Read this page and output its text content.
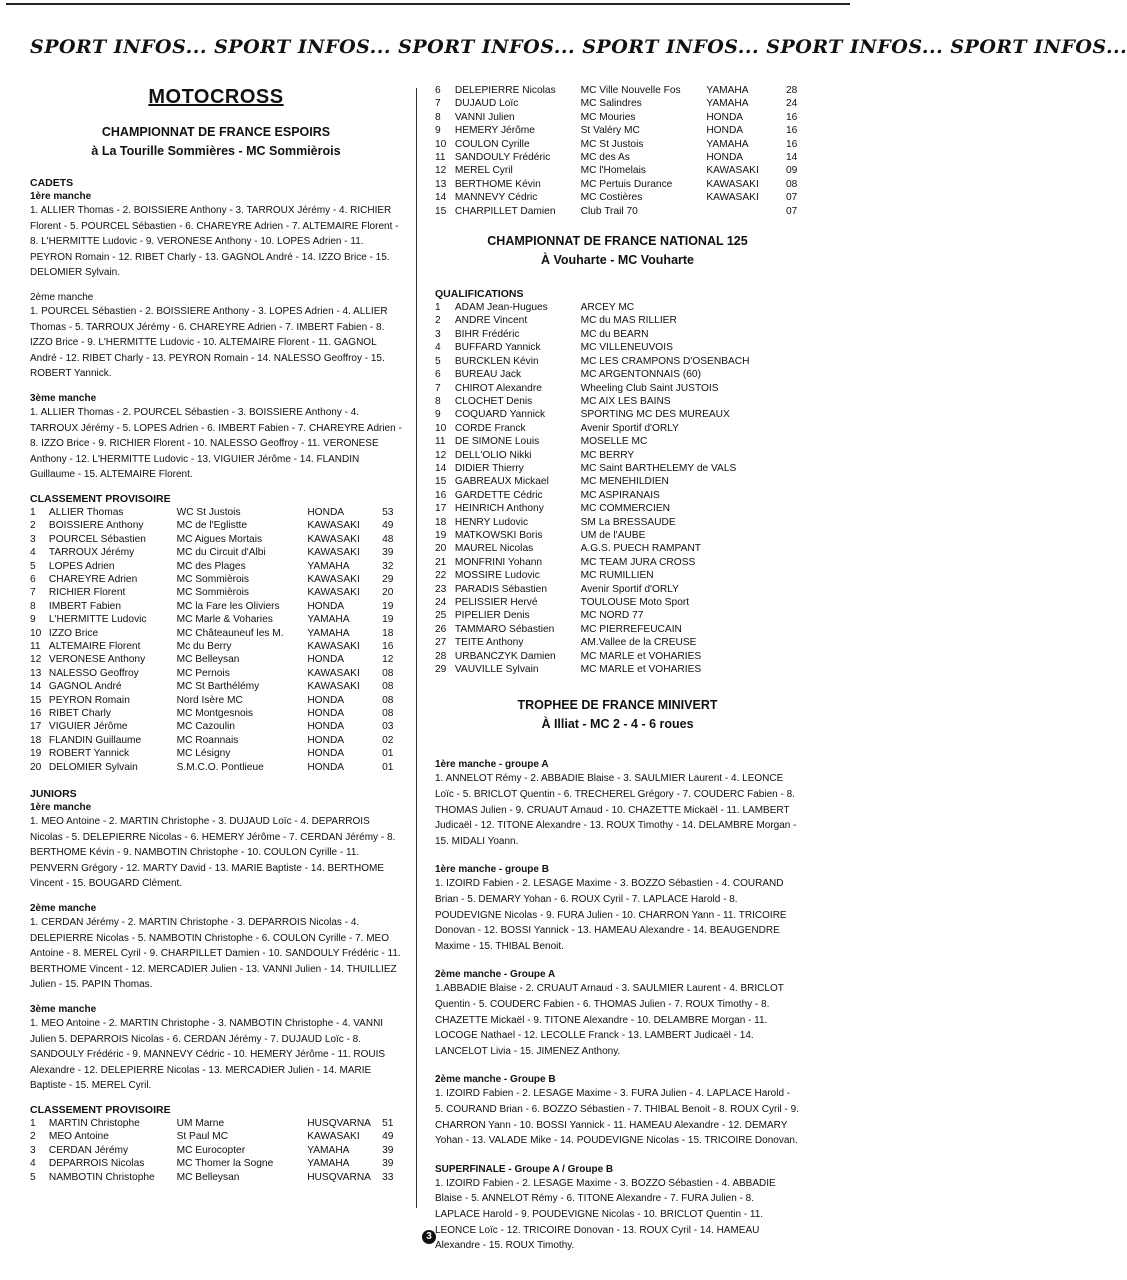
SPORT INFOS... SPORT INFOS... SPORT INFOS... SPORT INFOS... SPORT INFOS... SPORT INFOS...
MOTOCROSS
CHAMPIONNAT DE FRANCE ESPOIRS
à La Tourille Sommières - MC Sommièrois
CADETS
1ère manche
1. ALLIER Thomas - 2. BOISSIERE Anthony - 3. TARROUX Jérémy - 4. RICHIER Florent - 5. POURCEL Sébastien - 6. CHAREYRE Adrien - 7. ALTEMAIRE Florent - 8. L'HERMITTE Ludovic - 9. VERONESE Anthony - 10. LOPES Adrien - 11. PEYRON Romain - 12. RIBET Charly - 13. GAGNOL André - 14. IZZO Brice - 15. DELOMIER Sylvain.
2ème manche
1. POURCEL Sébastien - 2. BOISSIERE Anthony - 3. LOPES Adrien - 4. ALLIER Thomas - 5. TARROUX Jérémy - 6. CHAREYRE Adrien - 7. IMBERT Fabien - 8. IZZO Brice - 9. L'HERMITTE Ludovic - 10. ALTEMAIRE Florent - 11. GAGNOL André - 12. RIBET Charly - 13. PEYRON Romain - 14. NALESSO Geoffroy - 15. ROBERT Yannick.
3ème manche
1. ALLIER Thomas - 2. POURCEL Sébastien - 3. BOISSIERE Anthony - 4. TARROUX Jérémy - 5. LOPES Adrien - 6. IMBERT Fabien - 7. CHAREYRE Adrien - 8. IZZO Brice - 9. RICHIER Florent - 10. NALESSO Geoffroy - 11. VERONESE Anthony - 12. L'HERMITTE Ludovic - 13. VIGUIER Jérôme - 14. FLANDIN Guillaume - 15. ALTEMAIRE Florent.
CLASSEMENT PROVISOIRE
1	ALLIER Thomas	WC St Justois	HONDA	53
2	BOISSIERE Anthony	MC de l'Eglistte	KAWASAKI	49
3	POURCEL Sébastien	MC Aigues Mortais	KAWASAKI	48
4	TARROUX Jérémy	MC du Circuit d'Albi	KAWASAKI	39
5	LOPES Adrien	MC des Plages	YAMAHA	32
6	CHAREYRE Adrien	MC Sommièrois	KAWASAKI	29
7	RICHIER Florent	MC Sommièrois	KAWASAKI	20
8	IMBERT Fabien	MC la Fare les Oliviers	HONDA	19
9	L'HERMITTE Ludovic	MC Marle & Voharies	YAMAHA	19
10	IZZO Brice	MC Châteauneuf les M.	YAMAHA	18
11	ALTEMAIRE Florent	Mc du Berry	KAWASAKI	16
12	VERONESE Anthony	MC Belleysan	HONDA	12
13	NALESSO Geoffroy	MC Pernois	KAWASAKI	08
14	GAGNOL André	MC St Barthélémy	KAWASAKI	08
15	PEYRON Romain	Nord Isère MC	HONDA	08
16	RIBET Charly	MC Montgesnois	HONDA	08
17	VIGUIER Jérôme	MC Cazoulin	HONDA	03
18	FLANDIN Guillaume	MC Roannais	HONDA	02
19	ROBERT Yannick	MC Lésigny	HONDA	01
20	DELOMIER Sylvain	S.M.C.O. Pontlieue	HONDA	01
JUNIORS
1ère manche
1. MEO Antoine - 2. MARTIN Christophe - 3. DUJAUD Loïc - 4. DEPARROIS Nicolas - 5. DELEPIERRE Nicolas - 6. HEMERY Jérôme - 7. CERDAN Jérémy - 8. BERTHOME Kévin - 9. NAMBOTIN Christophe - 10. COULON Cyrille - 11. PENVERN Grégory - 12. MARTY David - 13. MARIE Baptiste - 14. BERTHOME Vincent - 15. BOUGARD Clément.
2ème manche
1. CERDAN Jérémy - 2. MARTIN Christophe - 3. DEPARROIS Nicolas - 4. DELEPIERRE Nicolas - 5. NAMBOTIN Christophe - 6. COULON Cyrille - 7. MEO Antoine - 8. MEREL Cyril - 9. CHARPILLET Damien - 10. SANDOULY Frédéric - 11. BERTHOME Vincent - 12. MERCADIER Julien - 13. VANNI Julien - 14. THUILLIEZ Julien - 15. PAPIN Thomas.
3ème manche
1. MEO Antoine - 2. MARTIN Christophe - 3. NAMBOTIN Christophe - 4. VANNI Julien 5. DEPARROIS Nicolas - 6. CERDAN Jérémy - 7. DUJAUD Loïc - 8. SANDOULY Frédéric - 9. MANNEVY Cédric - 10. HEMERY Jérôme - 11. ROUIS Alexandre - 12. DELEPIERRE Nicolas - 13. MERCADIER Julien - 14. MARIE Baptiste - 15. MEREL Cyril.
CLASSEMENT PROVISOIRE
1	MARTIN Christophe	UM Marne	HUSQVARNA	51
2	MEO Antoine	St Paul MC	KAWASAKI	49
3	CERDAN Jérémy	MC Eurocopter	YAMAHA	39
4	DEPARROIS Nicolas	MC Thomer la Sogne	YAMAHA	39
5	NAMBOTIN Christophe	MC Belleysan	HUSQVARNA	33
6	DELEPIERRE Nicolas	MC Ville Nouvelle Fos	YAMAHA	28
7	DUJAUD Loïc	MC Salindres	YAMAHA	24
8	VANNI Julien	MC Mouries	HONDA	16
9	HEMERY Jérôme	St Valéry MC	HONDA	16
10	COULON Cyrille	MC St Justois	YAMAHA	16
11	SANDOULY Frédéric	MC des As	HONDA	14
12	MEREL Cyril	MC l'Homelais	KAWASAKI	09
13	BERTHOME Kévin	MC Pertuis Durance	KAWASAKI	08
14	MANNEVY Cédric	MC Costières	KAWASAKI	07
15	CHARPILLET Damien	Club Trail 70		07
CHAMPIONNAT DE FRANCE NATIONAL 125
À Vouharte - MC Vouharte
QUALIFICATIONS
1	ADAM Jean-Hugues	ARCEY MC
2	ANDRE Vincent	MC du MAS RILLIER
3	BIHR Frédéric	MC du BEARN
4	BUFFARD Yannick	MC VILLENEUVOIS
5	BURCKLEN Kévin	MC LES CRAMPONS D'OSENBACH
6	BUREAU Jack	MC ARGENTONNAIS (60)
7	CHIROT Alexandre	Wheeling Club Saint JUSTOIS
8	CLOCHET Denis	MC AIX LES BAINS
9	COQUARD Yannick	SPORTING MC DES MUREAUX
10	CORDE Franck	Avenir Sportif d'ORLY
11	DE SIMONE Louis	MOSELLE MC
12	DELL'OLIO Nikki	MC BERRY
14	DIDIER Thierry	MC Saint BARTHELEMY de VALS
15	GABREAUX Mickael	MC MENEHILDIEN
16	GARDETTE Cédric	MC ASPIRANAIS
17	HEINRICH Anthony	MC COMMERCIEN
18	HENRY Ludovic	SM La BRESSAUDE
19	MATKOWSKI Boris	UM de l'AUBE
20	MAUREL Nicolas	A.G.S. PUECH RAMPANT
21	MONFRINI Yohann	MC TEAM JURA CROSS
22	MOSSIRE Ludovic	MC RUMILLIEN
23	PARADIS Sébastien	Avenir Sportif d'ORLY
24	PELISSIER Hervé	TOULOUSE Moto Sport
25	PIPELIER Denis	MC NORD 77
26	TAMMARO Sébastien	MC PIERREFEUCAIN
27	TEITE Anthony	AM.Vallee de la CREUSE
28	URBANCZYK Damien	MC MARLE et VOHARIES
29	VAUVILLE Sylvain	MC MARLE et VOHARIES
TROPHEE DE FRANCE MINIVERT
À Illiat - MC 2 - 4 - 6 roues
1ère manche - groupe A
1. ANNELOT Rémy - 2. ABBADIE Blaise - 3. SAULMIER Laurent - 4. LEONCE Loïc - 5. BRICLOT Quentin - 6. TRECHEREL Grégory - 7. COUDERC Fabien - 8. THOMAS Julien - 9. CRUAUT Arnaud - 10. CHAZETTE Mickaël - 11. LAMBERT Judicaël - 12. TITONE Alexandre - 13. ROUX Timothy - 14. DELAMBRE Morgan - 15. MIDALI Yoann.
1ère manche - groupe B
1. IZOIRD Fabien - 2. LESAGE Maxime - 3. BOZZO Sébastien - 4. COURAND Brian - 5. DEMARY Yohan - 6. ROUX Cyril - 7. LAPLACE Harold - 8. POUDEVIGNE Nicolas - 9. FURA Julien - 10. CHARRON Yann - 11. TRICOIRE Donovan - 12. BOSSI Yannick - 13. HAMEAU Alexandre - 14. BEAUGENDRE Maxime - 15. THIBAL Benoit.
2ème manche - Groupe A
1.ABBADIE Blaise - 2. CRUAUT Arnaud - 3. SAULMIER Laurent - 4. BRICLOT Quentin - 5. COUDERC Fabien - 6. THOMAS Julien - 7. ROUX Timothy - 8. CHAZETTE Mickaël - 9. TITONE Alexandre - 10. DELAMBRE Morgan - 11. LOCOGE Nathael - 12. LECOLLE Franck - 13. LAMBERT Judicaël - 14. LANCELOT Livia - 15. JIMENEZ Anthony.
2ème manche - Groupe B
1. IZOIRD Fabien - 2. LESAGE Maxime - 3. FURA Julien - 4. LAPLACE Harold - 5. COURAND Brian - 6. BOZZO Sébastien - 7. THIBAL Benoit - 8. ROUX Cyril - 9. CHARRON Yann - 10. BOSSI Yannick - 11. HAMEAU Alexandre - 12. DEMARY Yohan - 13. VALADE Mike - 14. POUDEVIGNE Nicolas - 15. TRICOIRE Donovan.
SUPERFINALE - Groupe A / Groupe B
1. IZOIRD Fabien - 2. LESAGE Maxime - 3. BOZZO Sébastien - 4. ABBADIE Blaise - 5. ANNELOT Rémy - 6. TITONE Alexandre - 7. FURA Julien - 8. LAPLACE Harold - 9. POUDEVIGNE Nicolas - 10. BRICLOT Quentin - 11. LEONCE Loïc - 12. TRICOIRE Donovan - 13. ROUX Cyril - 14. HAMEAU Alexandre - 15. ROUX Timothy.
3
